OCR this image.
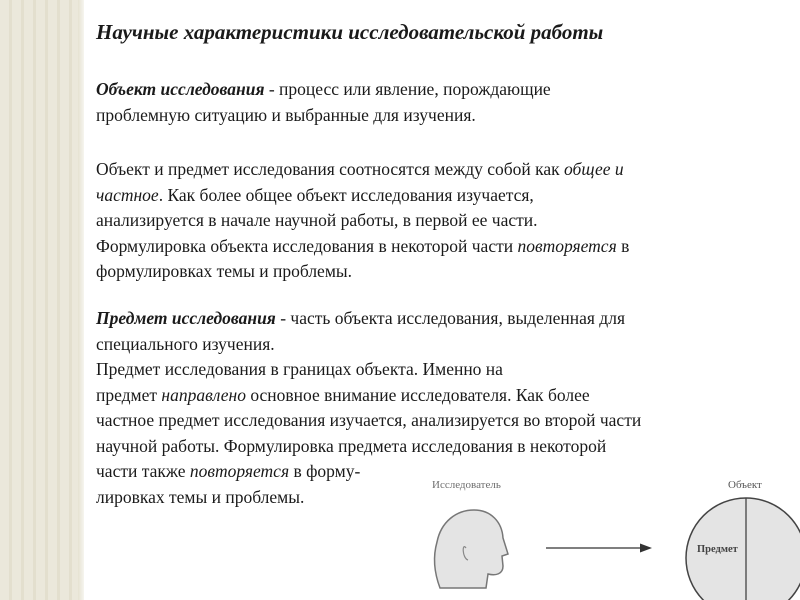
Научные характеристики исследовательской работы
Объект исследования - процесс или явление, порождающие
проблемную ситуацию и выбранные для изучения.
Объект и предмет исследования соотносятся между собой как общее и
частное. Как более общее объект исследования изучается,
анализируется в начале научной работы, в первой ее части.
Формулировка объекта исследования в некоторой части повторяется в
формулировках темы и проблемы.
Предмет исследования - часть объекта исследования, выделенная для
специального изучения.
Предмет исследования в границах объекта. Именно на
предмет направлено основное внимание исследователя. Как более
частное предмет исследования изучается, анализируется во второй части
научной работы. Формулировка предмета исследования в некоторой
части также повторяется в форму-
лировках темы и проблемы.
Исследователь	Объект
Предмет
